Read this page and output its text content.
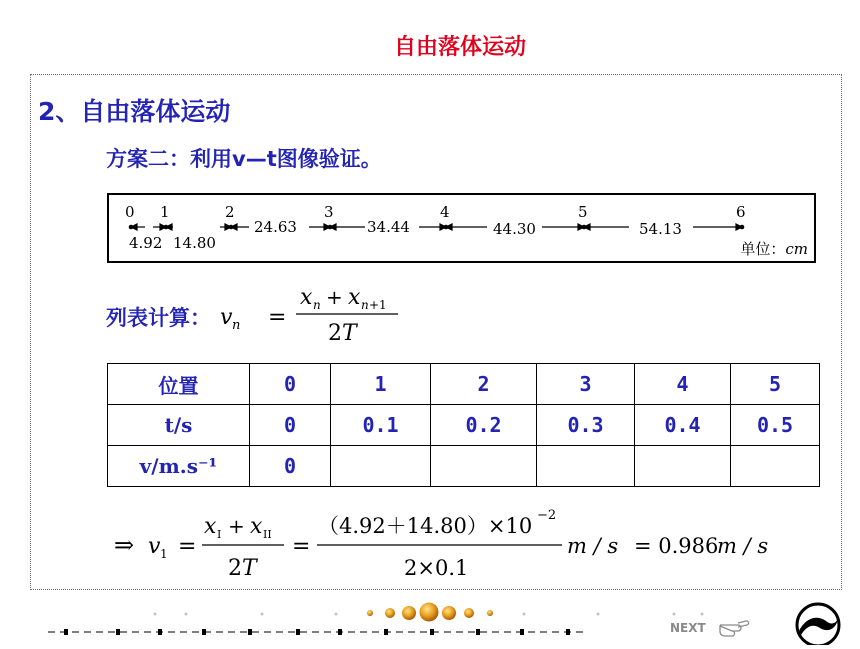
自由落体运动
2、自由落体运动
方案二：利用v—t图像验证。
0 1	2	3	4	5	6
4.92 14.80
24.63	34.44	44.30	54.13
单位：cm
列表计算： v n =
x n + x n +1
2T
位置	0	1	2	3	4	5
t/s	0	0.1	0.2	0.3	0.4	0.5
v/m.s⁻¹	0					
⇒ v 1 =
x I + x II
2T
=
（4.92＋14.80）×10 −2
2×0.1
m / s = 0.986
m / s
NEXT
